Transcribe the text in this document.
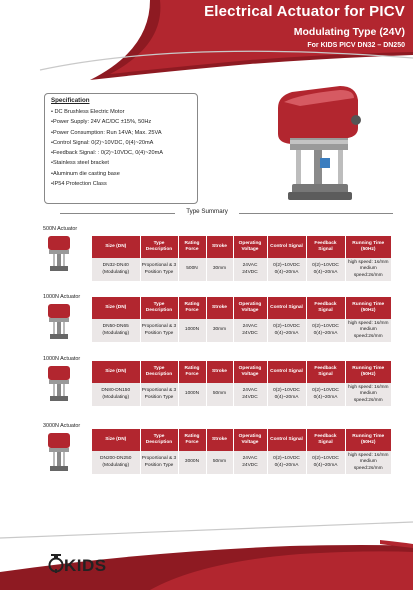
Electrical Actuator for PICV
Modulating Type (24V)
For KIDS PICV DN32 – DN250
Specification
• DC Brushless Electric Motor
•Power Supply: 24V AC/DC ±15%, 50Hz
•Power Consumption: Run 14VA; Max. 25VA
•Control Signal: 0(2)~10VDC, 0(4)~20mA
•Feedback Signal: : 0(2)~10VDC, 0(4)~20mA
•Stainless steel bracket
•Aluminum die casting base
•IP54 Protection Class
Type Summary
500N Actuator
Size (DN)	Type Description	Rating Force	Stroke	Operating Voltage	Control Signal	Feedback Signal	Running Time (50Hz)
DN32-DN40 (Modulating)	Proportional & 3 Position Type	500N	30mm	24VAC 24VDC	0(2)~10VDC 0(4)~20mA	0(2)~10VDC 0(4)~20mA	high speed: 1s/mm medium speed:2s/mm
1000N Actuator
Size (DN)	Type Description	Rating Force	Stroke	Operating Voltage	Control Signal	Feedback Signal	Running Time (50Hz)
DN50-DN65 (Modulating)	Proportional & 3 Position Type	1000N	30mm	24VAC 24VDC	0(2)~10VDC 0(4)~20mA	0(2)~10VDC 0(4)~20mA	high speed: 1s/mm medium speed:2s/mm
1000N Actuator
Size (DN)	Type Description	Rating Force	Stroke	Operating Voltage	Control Signal	Feedback Signal	Running Time (50Hz)
DN80-DN150 (Modulating)	Proportional & 3 Position Type	1000N	50mm	24VAC 24VDC	0(2)~10VDC 0(4)~20mA	0(2)~10VDC 0(4)~20mA	high speed: 1s/mm medium speed:2s/mm
3000N Actuator
Size (DN)	Type Description	Rating Force	Stroke	Operating Voltage	Control Signal	Feedback Signal	Running Time (50Hz)
DN200-DN250 (Modulating)	Proportional & 3 Position Type	3000N	50mm	24VAC 24VDC	0(2)~10VDC 0(4)~20mA	0(2)~10VDC 0(4)~20mA	high speed: 1s/mm medium speed:2s/mm
KIDS
